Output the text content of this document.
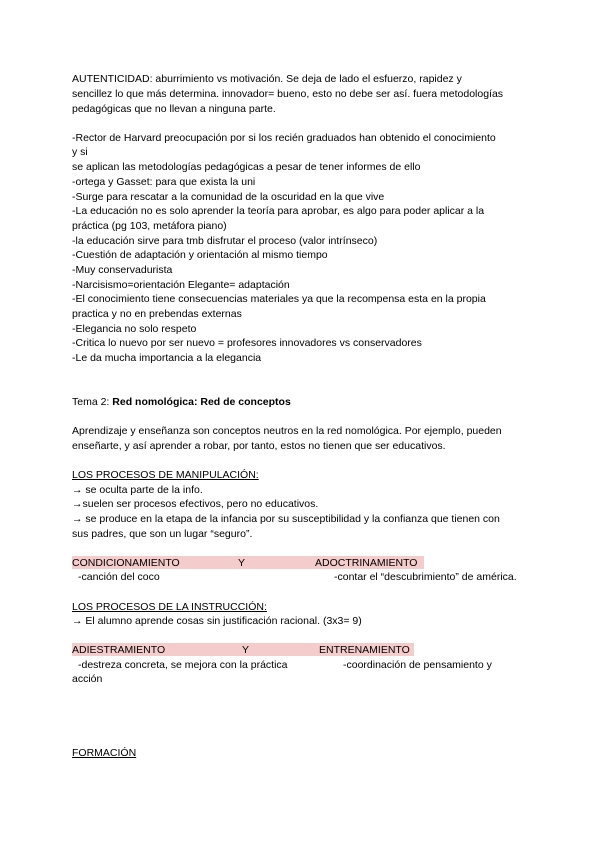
AUTENTICIDAD: aburrimiento vs motivación. Se deja de lado el esfuerzo, rapidez y
sencillez lo que más determina. innovador= bueno, esto no debe ser así. fuera metodologías
pedagógicas que no llevan a ninguna parte.
-Rector de Harvard preocupación por si los recién graduados han obtenido el conocimiento
y si
se aplican las metodologías pedagógicas a pesar de tener informes de ello
-ortega y Gasset: para que exista la uni
-Surge para rescatar a la comunidad de la oscuridad en la que vive
-La educación no es solo aprender la teoría para aprobar, es algo para poder aplicar a la
práctica (pg 103, metáfora piano)
-la educación sirve para tmb disfrutar el proceso (valor intrínseco)
-Cuestión de adaptación y orientación al mismo tiempo
-Muy conservadurista
-Narcisismo=orientación Elegante= adaptación
-El conocimiento tiene consecuencias materiales ya que la recompensa esta en la propia
practica y no en prebendas externas
-Elegancia no solo respeto
-Critica lo nuevo por ser nuevo = profesores innovadores vs conservadores
-Le da mucha importancia a la elegancia
Tema 2: Red nomológica: Red de conceptos
Aprendizaje y enseñanza son conceptos neutros en la red nomológica. Por ejemplo, pueden
enseñarte, y así aprender a robar, por tanto, estos no tienen que ser educativos.
LOS PROCESOS DE MANIPULACIÓN:
→ se oculta parte de la info.
→suelen ser procesos efectivos, pero no educativos.
→ se produce en la etapa de la infancia por su susceptibilidad y la confianza que tienen con
sus padres, que son un lugar “seguro”.
CONDICIONAMIENTO	Y	ADOCTRINAMIENTO
-canción del coco	-contar el “descubrimiento” de américa.
LOS PROCESOS DE LA INSTRUCCIÓN:
→ El alumno aprende cosas sin justificación racional. (3x3= 9)
ADIESTRAMIENTO	Y	ENTRENAMIENTO
-destreza concreta, se mejora con la práctica	-coordinación de pensamiento y
acción
FORMACIÓN
